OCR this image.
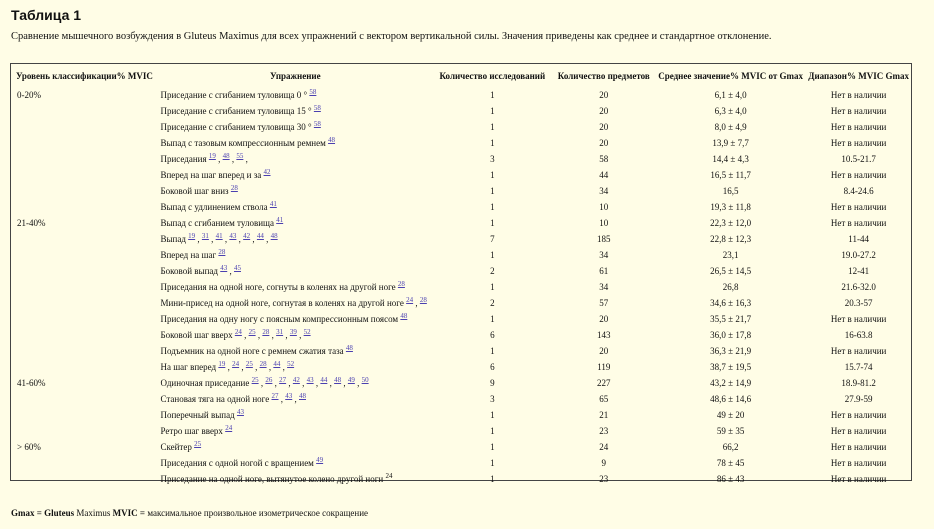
Таблица 1
Сравнение мышечного возбуждения в Gluteus Maximus для всех упражнений с вектором вертикальной силы. Значения приведены как среднее и стандартное отклонение.
Уровень классификации% MVIC	Упражнение	Количество исследований	Количество предметов	Среднее значение% MVIC от Gmax	Диапазон% MVIC Gmax
0-20%	Приседание с сгибанием туловища 0 ° $^{58}$	1	20	6,1 ± 4,0	Нет в наличии
	Приседание с сгибанием туловища 15 ° $^{58}$	1	20	6,3 ± 4,0	Нет в наличии
	Приседание с сгибанием туловища 30 ° $^{58}$	1	20	8,0 ± 4,9	Нет в наличии
	Выпад с тазовым компрессионным ремнем $^{48}$	1	20	13,9 ± 7,7	Нет в наличии
	Приседания $^{19}$ , $^{48}$ , $^{55}$ ,	3	58	14,4 ± 4,3	10.5-21.7
	Вперед на шаг вперед и за $^{42}$	1	44	16,5 ± 11,7	Нет в наличии
	Боковой шаг вниз $^{28}$	1	34	16,5	8.4-24.6
	Выпад с удлинением ствола $^{41}$	1	10	19,3 ± 11,8	Нет в наличии
21-40%	Выпад с сгибанием туловища $^{41}$	1	10	22,3 ± 12,0	Нет в наличии
	Выпад $^{19}$ , $^{31}$ , $^{41}$ , $^{43}$ , $^{42}$ , $^{44}$ , $^{48}$	7	185	22,8 ± 12,3	11-44
	Вперед на шаг $^{28}$	1	34	23,1	19.0-27.2
	Боковой выпад $^{43}$ , $^{45}$	2	61	26,5 ± 14,5	12-41
	Приседания на одной ноге, согнуты в коленях на другой ноге $^{28}$	1	34	26,8	21.6-32.0
	Мини-присед на одной ноге, согнутая в коленях на другой ноге $^{24}$ , $^{28}$	2	57	34,6 ± 16,3	20.3-57
	Приседания на одну ногу с поясным компрессионным поясом $^{48}$	1	20	35,5 ± 21,7	Нет в наличии
	Боковой шаг вверх $^{24}$ , $^{25}$ , $^{28}$ , $^{31}$ , $^{39}$ , $^{52}$	6	143	36,0 ± 17,8	16-63.8
	Подъемник на одной ноге с ремнем сжатия таза $^{48}$	1	20	36,3 ± 21,9	Нет в наличии
	На шаг вперед $^{19}$ , $^{24}$ , $^{25}$ , $^{28}$ , $^{44}$ , $^{52}$	6	119	38,7 ± 19,5	15.7-74
41-60%	Одиночная приседание $^{25}$ , $^{26}$ , $^{27}$ , $^{42}$ , $^{43}$ , $^{44}$ , $^{48}$ , $^{49}$ , $^{50}$	9	227	43,2 ± 14,9	18.9-81.2
	Становая тяга на одной ноге $^{27}$ , $^{43}$ , $^{48}$	3	65	48,6 ± 14,6	27.9-59
	Поперечный выпад $^{43}$	1	21	49 ± 20	Нет в наличии
	Ретро шаг вверх $^{24}$	1	23	59 ± 35	Нет в наличии
> 60%	Скейтер $^{25}$	1	24	66,2	Нет в наличии
	Приседания с одной ногой с вращением $^{49}$	1	9	78 ± 45	Нет в наличии
	Приседание на одной ноге, вытянутое колено другой ноги $^{24}$	1	23	86 ± 43	Нет в наличии
Gmax = Gluteus Maximus MVIC = максимальное произвольное изометрическое сокращение
